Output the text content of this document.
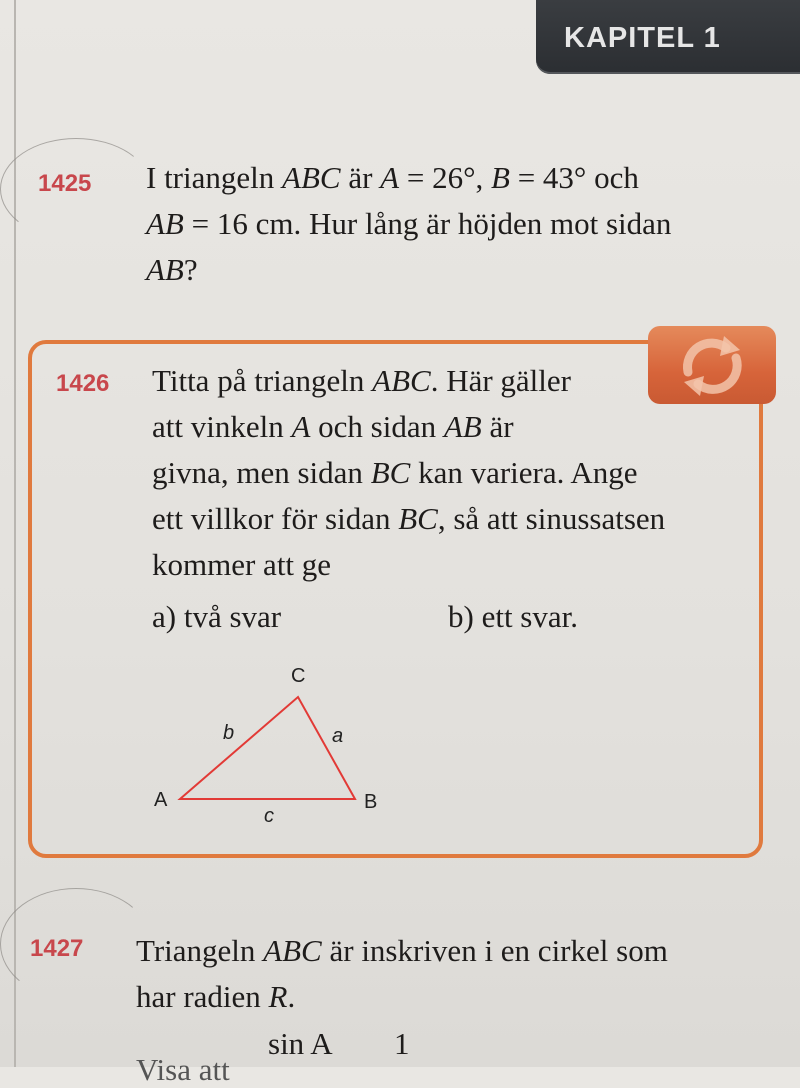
KAPITEL 1
1425 I triangeln ABC är A = 26°, B = 43° och
AB = 16 cm. Hur lång är höjden mot sidan
AB?
1426 Titta på triangeln ABC. Här gäller
att vinkeln A och sidan AB är
givna, men sidan BC kan variera. Ange
ett villkor för sidan BC, så att sinussatsen
kommer att ge
a) två svar	b) ett svar.
C
b	a
A	B
c
1427 Triangeln ABC är inskriven i en cirkel som
har radien R.
sin A 1
Visa att
